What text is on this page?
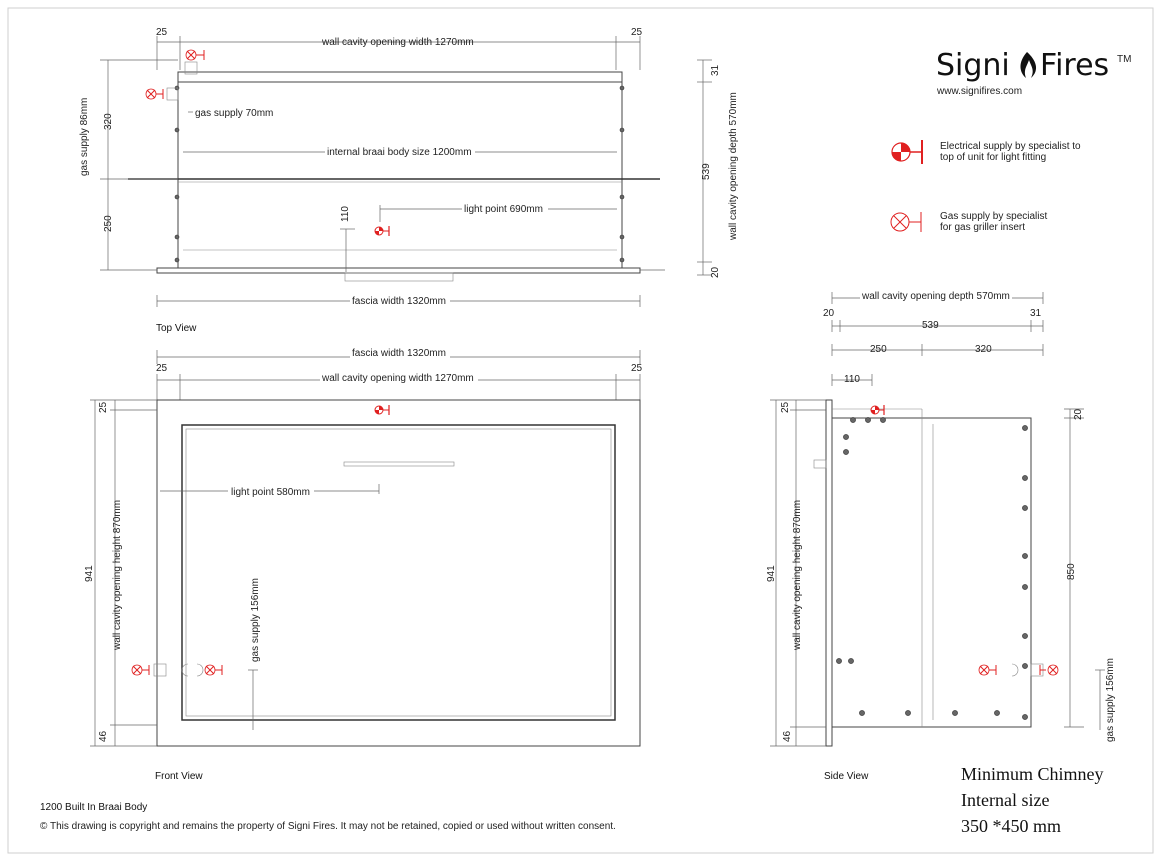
Signi Fires TM
www.signifires.com
Electrical supply by specialist to
top of unit for light fitting
Gas supply by specialist
for gas griller insert
25	25
wall cavity opening width 1270mm
gas supply 70mm
internal braai body size 1200mm
light point 690mm
110
gas supply 86mm 320
250
31
539
20
wall cavity opening depth 570mm
fascia width 1320mm
Top View
fascia width 1320mm
25	25
wall cavity opening width 1270mm
light point 580mm
gas supply 156mm
25
941 wall cavity opening height 870mm
46
Front View
wall cavity opening depth 570mm
20
539
31
250	320
110
25
941 wall cavity opening height 870mm
46
20
850
gas supply 156mm
Side View
1200 Built In Braai Body
© This drawing is copyright and remains the property of Signi Fires. It may not be retained, copied or used without written consent.
Minimum Chimney
Internal size
350 *450 mm
